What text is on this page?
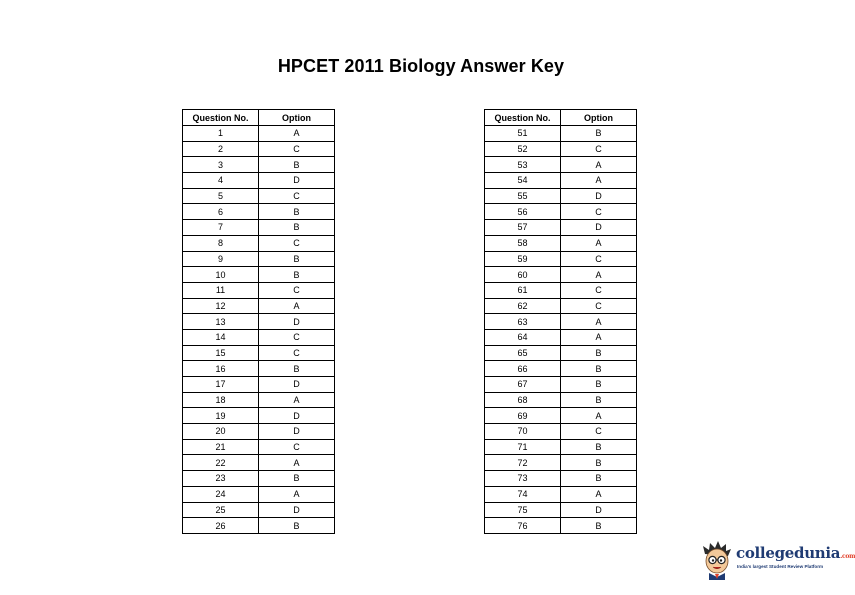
HPCET 2011 Biology Answer Key
Question No.	Option
1	A
2	C
3	B
4	D
5	C
6	B
7	B
8	C
9	B
10	B
11	C
12	A
13	D
14	C
15	C
16	B
17	D
18	A
19	D
20	D
21	C
22	A
23	B
24	A
25	D
26	B
Question No.	Option
51	B
52	C
53	A
54	A
55	D
56	C
57	D
58	A
59	C
60	A
61	C
62	C
63	A
64	A
65	B
66	B
67	B
68	B
69	A
70	C
71	B
72	B
73	B
74	A
75	D
76	B
collegedunia.com
India's largest Student Review Platform
